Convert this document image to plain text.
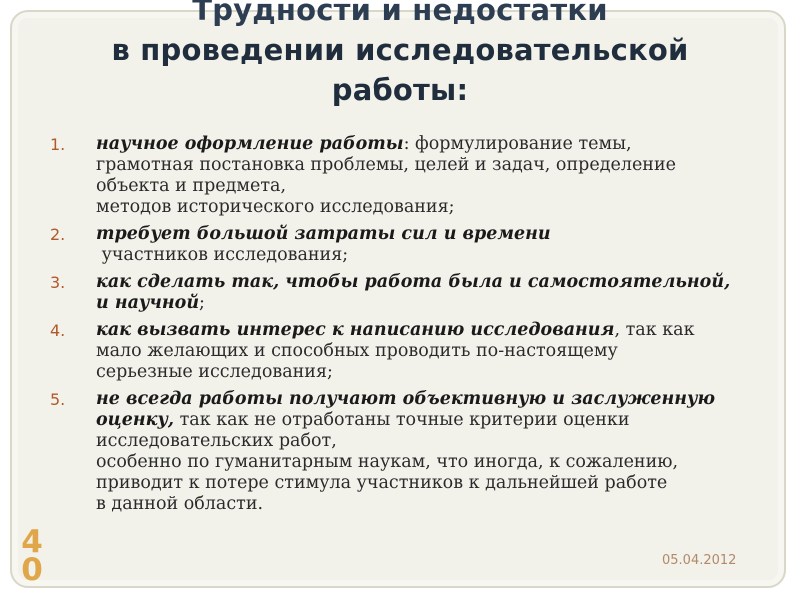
Трудности и недостатки
в проведении исследовательской
работы:
1. научное оформление работы: формулирование темы,
грамотная постановка проблемы, целей и задач, определение
объекта и предмета,
методов исторического исследования;
2. требует большой затраты сил и времени
участников исследования;
3. как сделать так, чтобы работа была и самостоятельной,
и научной;
4. как вызвать интерес к написанию исследования, так как
мало желающих и способных проводить по-настоящему
серьезные исследования;
5. не всегда работы получают объективную и заслуженную
оценку, так как не отработаны точные критерии оценки
исследовательских работ,
особенно по гуманитарным наукам, что иногда, к сожалению,
приводит к потере стимула участников к дальнейшей работе
в данной области.
05.04.2012
4
0
